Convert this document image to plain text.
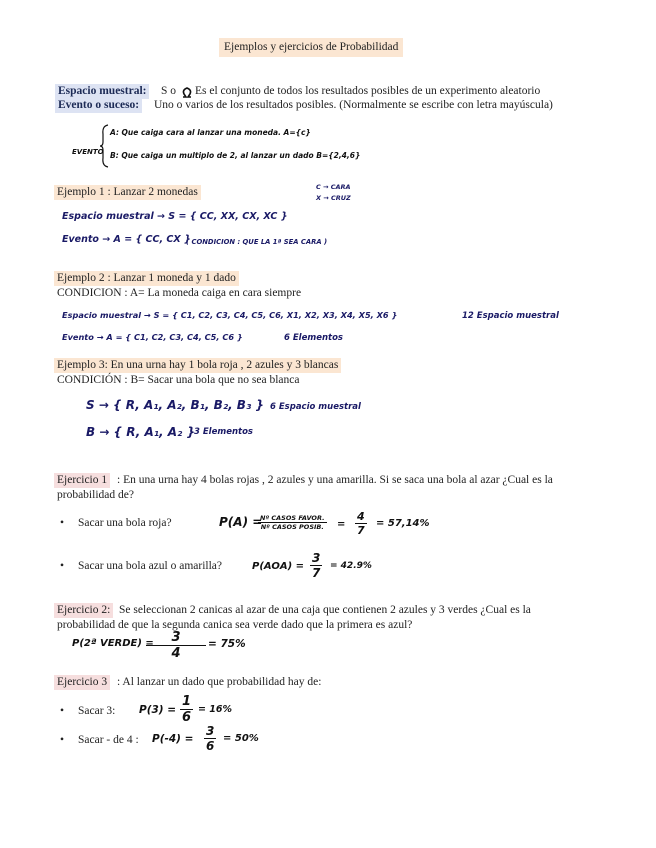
Ejemplos y ejercicios de Probabilidad
Espacio muestral: S o Es el conjunto de todos los resultados posibles de un experimento aleatorio
Evento o suceso: Uno o varios de los resultados posibles. (Normalmente se escribe con letra mayúscula)
EVENTO
A: Que caiga cara al lanzar una moneda. A={c}
B: Que caiga un multiplo de 2, al lanzar un dado B={2,4,6}
Ejemplo 1 : Lanzar 2 monedas	C → CARA
X → CRUZ
Espacio muestral → S = { CC, XX, CX, XC }
Evento → A = { CC, CX }
( CONDICION : QUE LA 1ª SEA CARA )
Ejemplo 2 : Lanzar 1 moneda y 1 dado
CONDICION : A= La moneda caiga en cara siempre
Espacio muestral → S = { C1, C2, C3, C4, C5, C6, X1, X2, X3, X4, X5, X6 }	12 Espacio muestral
Evento → A = { C1, C2, C3, C4, C5, C6 }	6 Elementos
Ejemplo 3: En una urna hay 1 bola roja , 2 azules y 3 blancas
CONDICIÓN : B= Sacar una bola que no sea blanca
S → { R, A₁, A₂, B₁, B₂, B₃ } 6 Espacio muestral
B → { R, A₁, A₂ }
3 Elementos
Ejercicio 1 : En una urna hay 4 bolas rojas , 2 azules y una amarilla. Si se saca una bola al azar ¿Cual es la
probabilidad de?
• Sacar una bola roja?	P(A) =
Nº CASOS FAVOR.
Nº CASOS POSIB. = $\frac{4}{7} = 57,14\%$
• Sacar una bola azul o amarilla?	$P(AOA) = \frac{3}{7} = 42.9\%$
Ejercicio 2: Se seleccionan 2 canicas al azar de una caja que contienen 2 azules y 3 verdes ¿Cual es la
probabilidad de que la segunda canica sea verde dado que la primera es azul?
P(2ª VERDE) =
$\frac{3}{4} = 75\%$
Ejercicio 3 : Al lanzar un dado que probabilidad hay de:
• Sacar 3: $P(3) = \frac{1}{6} = 16\%$
• Sacar - de 4 : $P(-4) = \frac{3}{6} = 50\%$
